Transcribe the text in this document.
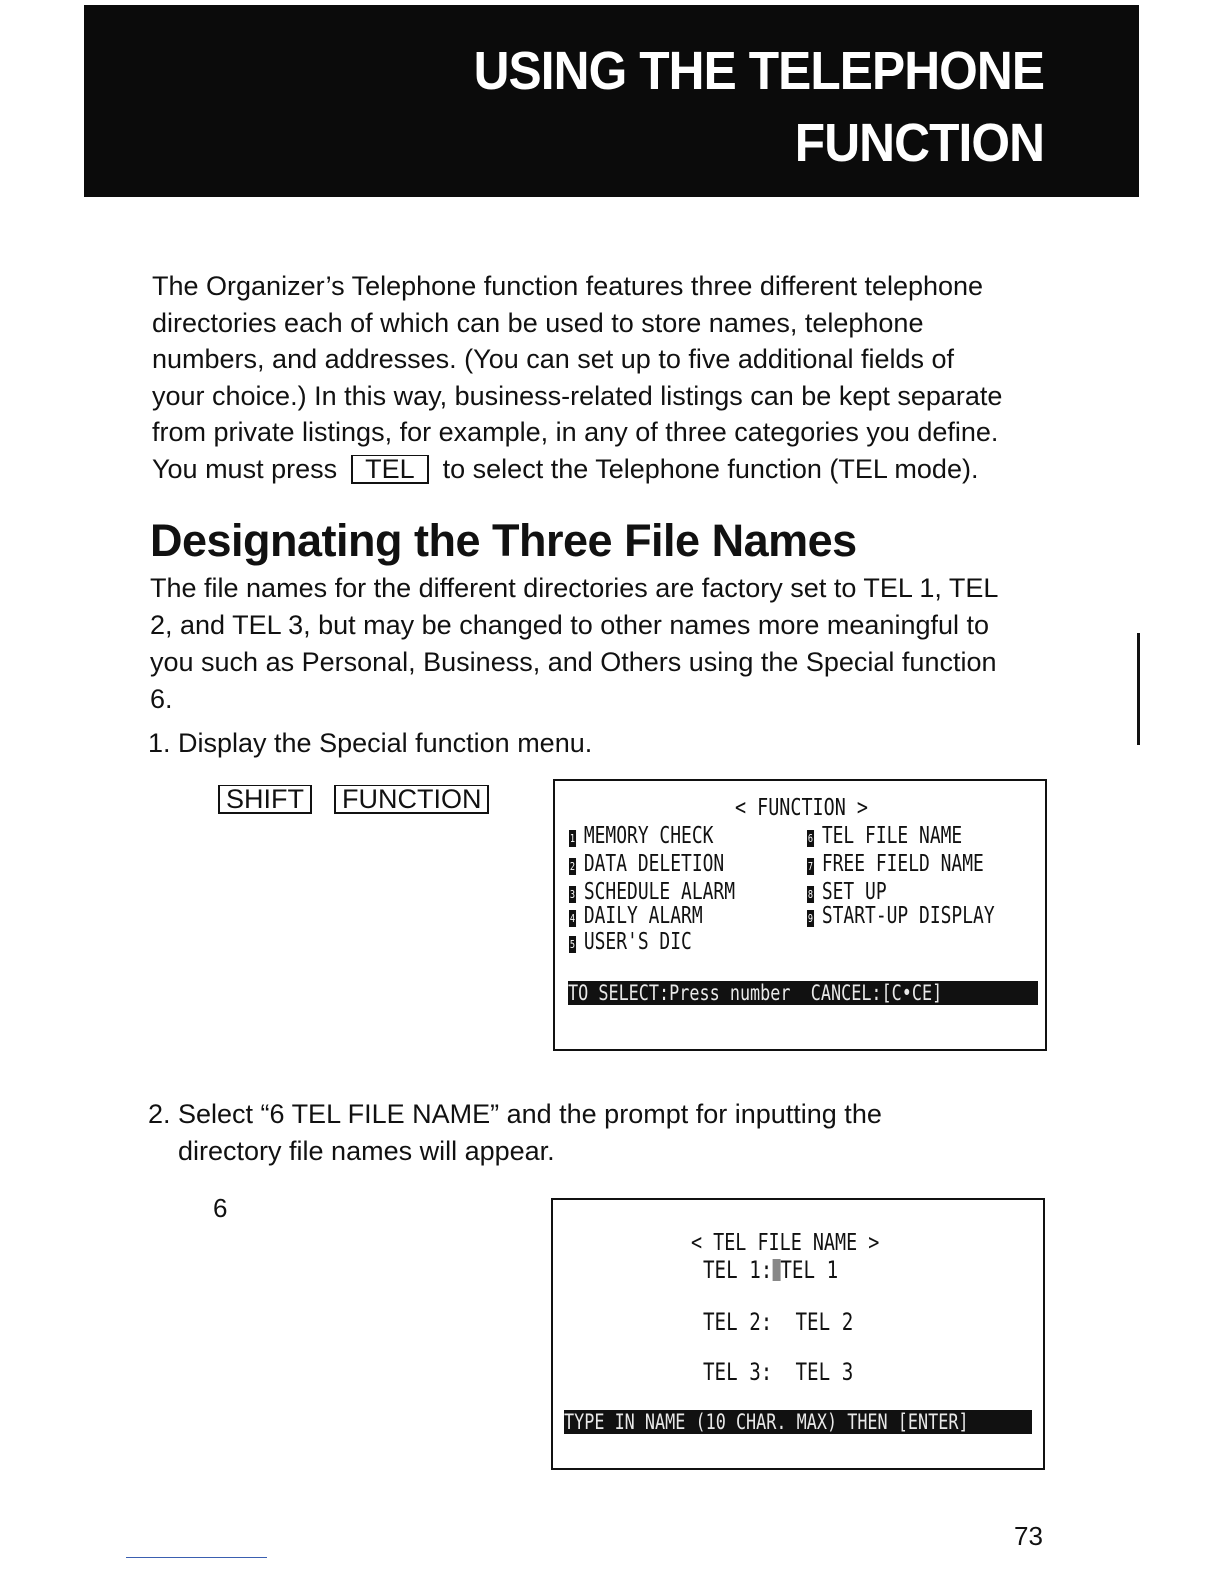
USING THE TELEPHONE
FUNCTION
The Organizer’s Telephone function features three different telephone
directories each of which can be used to store names, telephone
numbers, and addresses. (You can set up to five additional fields of
your choice.) In this way, business-related listings can be kept separate
from private listings, for example, in any of three categories you define.
You must press TEL to select the Telephone function (TEL mode).
Designating the Three File Names
The file names for the different directories are factory set to TEL 1, TEL
2, and TEL 3, but may be changed to other names more meaningful to
you such as Personal, Business, and Others using the Special function
6.
1. Display the Special function menu.
SHIFT FUNCTION	< FUNCTION >
1 MEMORY CHECK
2 DATA DELETION
3 SCHEDULE ALARM
4 DAILY ALARM
5 USER'S DIC
6 TEL FILE NAME
7 FREE FIELD NAME
8 SET UP
9 START-UP DISPLAY
TO SELECT:Press number  CANCEL:[C•CE]
2. Select “6 TEL FILE NAME” and the prompt for inputting the
directory file names will appear.
6
< TEL FILE NAME >
TEL 1: TEL 1
TEL 2: TEL 2
TEL 3: TEL 3
TYPE IN NAME (10 CHAR. MAX) THEN [ENTER]
73
